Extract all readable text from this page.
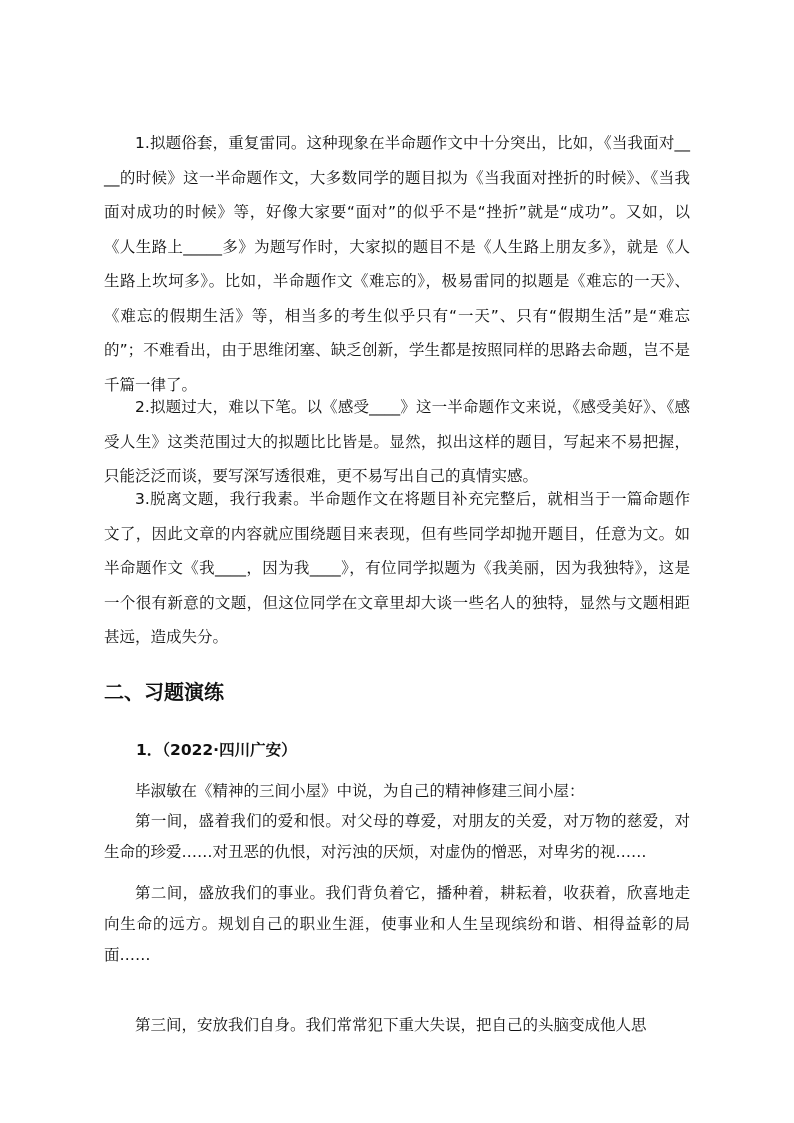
1.拟题俗套，重复雷同。这种现象在半命题作文中十分突出，比如，《当我面对____的时候》这一半命题作文，大多数同学的题目拟为《当我面对挫折的时候》、《当我面对成功的时候》等，好像大家要“面对”的似乎不是“挫折”就是“成功”。又如，以《人生路上_____多》为题写作时，大家拟的题目不是《人生路上朋友多》，就是《人生路上坎坷多》。比如，半命题作文《难忘的》，极易雷同的拟题是《难忘的一天》、《难忘的假期生活》等，相当多的考生似乎只有“一天”、只有“假期生活”是“难忘的”；不难看出，由于思维闭塞、缺乏创新，学生都是按照同样的思路去命题，岂不是千篇一律了。

2.拟题过大，难以下笔。以《感受____》这一半命题作文来说，《感受美好》、《感受人生》这类范围过大的拟题比比皆是。显然，拟出这样的题目，写起来不易把握，只能泛泛而谈，要写深写透很难，更不易写出自己的真情实感。

3.脱离文题，我行我素。半命题作文在将题目补充完整后，就相当于一篇命题作文了，因此文章的内容就应围绕题目来表现，但有些同学却抛开题目，任意为文。如半命题作文《我____，因为我____》，有位同学拟题为《我美丽，因为我独特》，这是一个很有新意的文题，但这位同学在文章里却大谈一些名人的独特，显然与文题相距甚远，造成失分。

二、习题演练

1．（2022·四川广安）

毕淑敏在《精神的三间小屋》中说，为自己的精神修建三间小屋：

第一间，盛着我们的爱和恨。对父母的尊爱，对朋友的关爱，对万物的慈爱，对生命的珍爱……对丑恶的仇恨，对污浊的厌烦，对虚伪的憎恶，对卑劣的视……

第二间，盛放我们的事业。我们背负着它，播种着，耕耘着，收获着，欣喜地走向生命的远方。规划自己的职业生涯，使事业和人生呈现缤纷和谐、相得益彰的局面……

第三间，安放我们自身。我们常常犯下重大失误，把自己的头脑变成他人思
